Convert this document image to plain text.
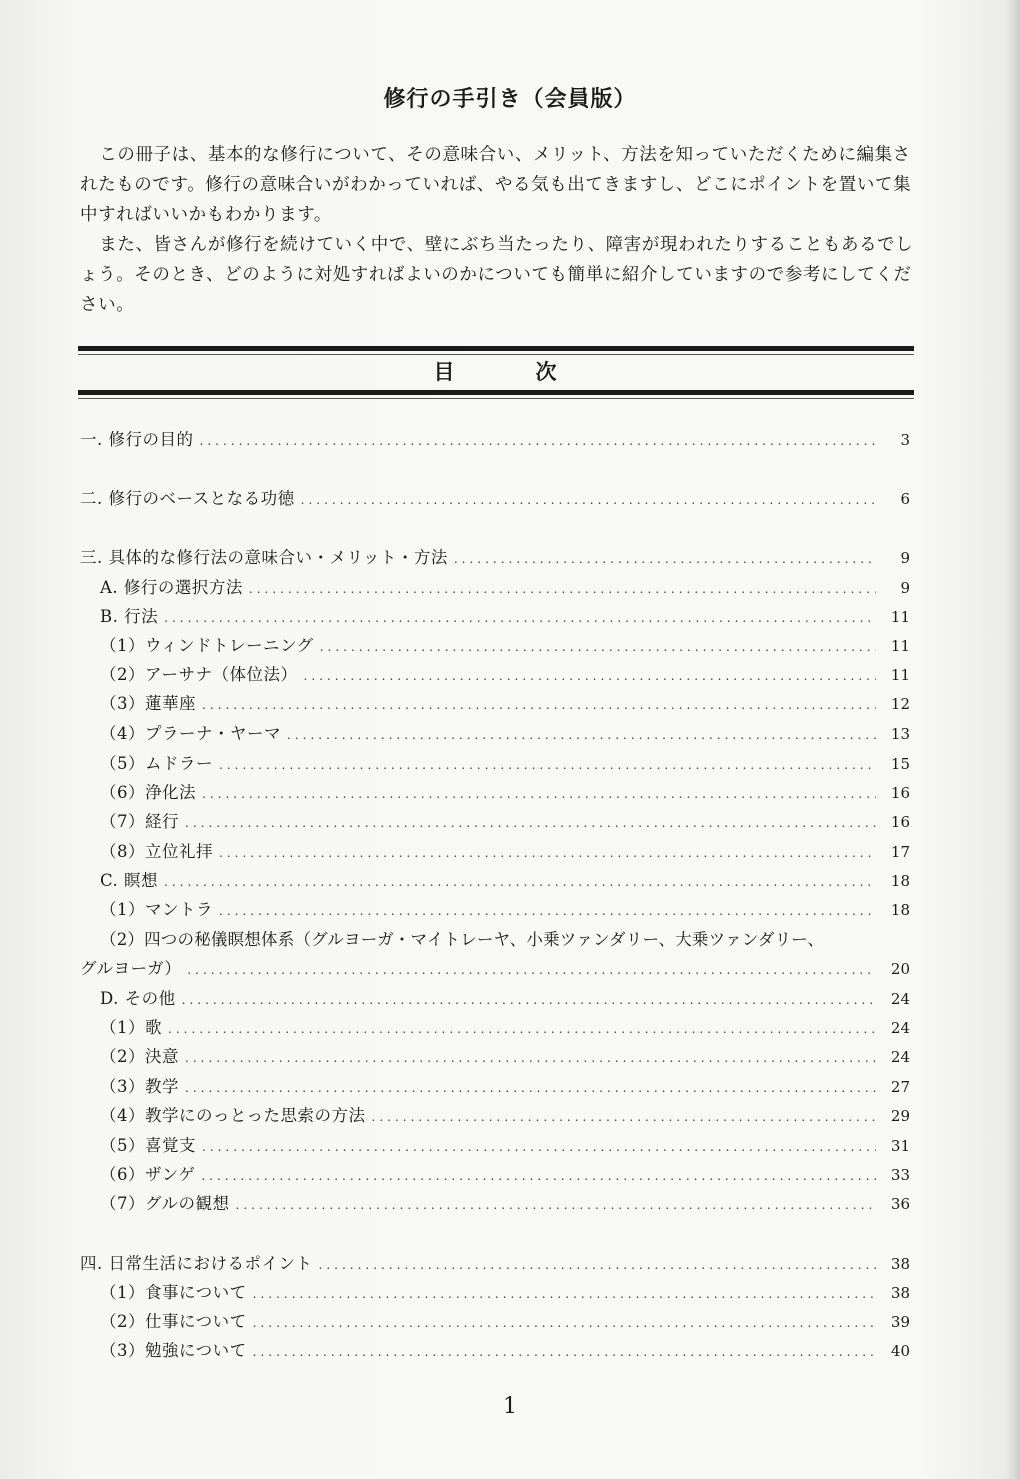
修行の手引き（会員版）

この冊子は、基本的な修行について、その意味合い、メリット、方法を知っていただくために編集されたものです。修行の意味合いがわかっていれば、やる気も出てきますし、どこにポイントを置いて集中すればいいかもわかります。

また、皆さんが修行を続けていく中で、壁にぶち当たったり、障害が現われたりすることもあるでしょう。そのとき、どのように対処すればよいのかについても簡単に紹介していますので参考にしてください。

目　次
一. 修行の目的 .....	3
二. 修行のベースとなる功徳 .....	6
三. 具体的な修行法の意味合い・メリット・方法 .....	9
A. 修行の選択方法 .....	9
B. 行法 .....	11
（1）ウィンドトレーニング .....	11
（2）アーサナ（体位法） .....	11
（3）蓮華座 .....	12
（4）プラーナ・ヤーマ .....	13
（5）ムドラー .....	15
（6）浄化法 .....	16
（7）経行 .....	16
（8）立位礼拝 .....	17
C. 瞑想 .....	18
（1）マントラ .....	18
（2）四つの秘儀瞑想体系（グルヨーガ・マイトレーヤ、小乗ツァンダリー、大乗ツァンダリー、
グルヨーガ） .....	20
D. その他 .....	24
（1）歌 .....	24
（2）決意 .....	24
（3）教学 .....	27
（4）教学にのっとった思索の方法 .....	29
（5）喜覚支 .....	31
（6）ザンゲ .....	33
（7）グルの観想 .....	36
四. 日常生活におけるポイント .....	38
（1）食事について .....	38
（2）仕事について .....	39
（3）勉強について .....	40
1
